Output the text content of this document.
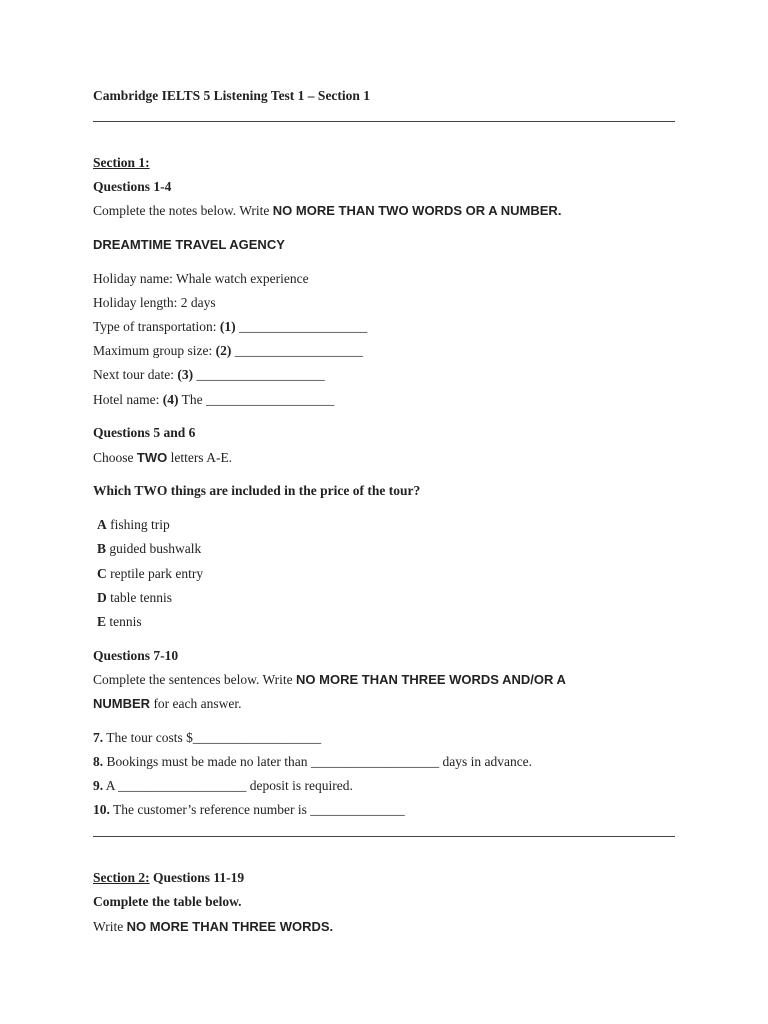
Cambridge IELTS 5 Listening Test 1 – Section 1
Section 1:
Questions 1-4
Complete the notes below. Write NO MORE THAN TWO WORDS OR A NUMBER.
DREAMTIME TRAVEL AGENCY
Holiday name: Whale watch experience
Holiday length: 2 days
Type of transportation: (1) ___________________
Maximum group size: (2) ___________________
Next tour date: (3) ___________________
Hotel name: (4) The ___________________
Questions 5 and 6
Choose TWO letters A-E.
Which TWO things are included in the price of the tour?
A fishing trip
B guided bushwalk
C reptile park entry
D table tennis
E tennis
Questions 7-10
Complete the sentences below. Write NO MORE THAN THREE WORDS AND/OR A
NUMBER for each answer.
7. The tour costs $___________________
8. Bookings must be made no later than ___________________ days in advance.
9. A ___________________ deposit is required.
10. The customer’s reference number is ______________
Section 2: Questions 11-19
Complete the table below.
Write NO MORE THAN THREE WORDS.
